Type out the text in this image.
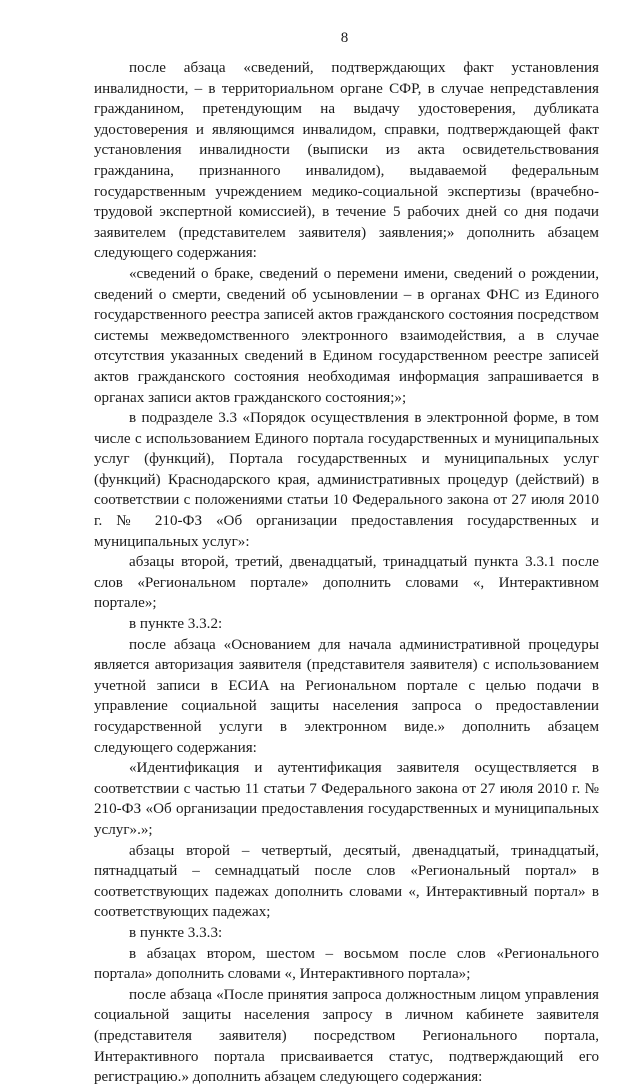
8

после абзаца «сведений, подтверждающих факт установления инвалидности, – в территориальном органе СФР, в случае непредставления гражданином, претендующим на выдачу удостоверения, дубликата удостоверения и являющимся инвалидом, справки, подтверждающей факт установления инвалидности (выписки из акта освидетельствования гражданина, признанного инвалидом), выдаваемой федеральным государственным учреждением медико-социальной экспертизы (врачебно-трудовой экспертной комиссией), в течение 5 рабочих дней со дня подачи заявителем (представителем заявителя) заявления;» дополнить абзацем следующего содержания:

«сведений о браке, сведений о перемени имени, сведений о рождении, сведений о смерти, сведений об усыновлении – в органах ФНС из Единого государственного реестра записей актов гражданского состояния посредством системы межведомственного электронного взаимодействия, а в случае отсутствия указанных сведений в Едином государственном реестре записей актов гражданского состояния необходимая информация запрашивается в органах записи актов гражданского состояния;»;

в подразделе 3.3 «Порядок осуществления в электронной форме, в том числе с использованием Единого портала государственных и муниципальных услуг (функций), Портала государственных и муниципальных услуг (функций) Краснодарского края, административных процедур (действий) в соответствии с положениями статьи 10 Федерального закона от 27 июля 2010 г. № 210-ФЗ «Об организации предоставления государственных и муниципальных услуг»:

абзацы второй, третий, двенадцатый, тринадцатый пункта 3.3.1 после слов «Региональном портале» дополнить словами «, Интерактивном портале»;

в пункте 3.3.2:

после абзаца «Основанием для начала административной процедуры является авторизация заявителя (представителя заявителя) с использованием учетной записи в ЕСИА на Региональном портале с целью подачи в управление социальной защиты населения запроса о предоставлении государственной услуги в электронном виде.» дополнить абзацем следующего содержания:

«Идентификация и аутентификация заявителя осуществляется в соответствии с частью 11 статьи 7 Федерального закона от 27 июля 2010 г. № 210-ФЗ «Об организации предоставления государственных и муниципальных услуг».»;

абзацы второй – четвертый, десятый, двенадцатый, тринадцатый, пятнадцатый – семнадцатый после слов «Региональный портал» в соответствующих падежах дополнить словами «, Интерактивный портал» в соответствующих падежах;

в пункте 3.3.3:

в абзацах втором, шестом – восьмом после слов «Регионального портала» дополнить словами «, Интерактивного портала»;

после абзаца «После принятия запроса должностным лицом управления социальной защиты населения запросу в личном кабинете заявителя (представителя заявителя) посредством Регионального портала, Интерактивного портала присваивается статус, подтверждающий его регистрацию.» дополнить абзацем следующего содержания:
